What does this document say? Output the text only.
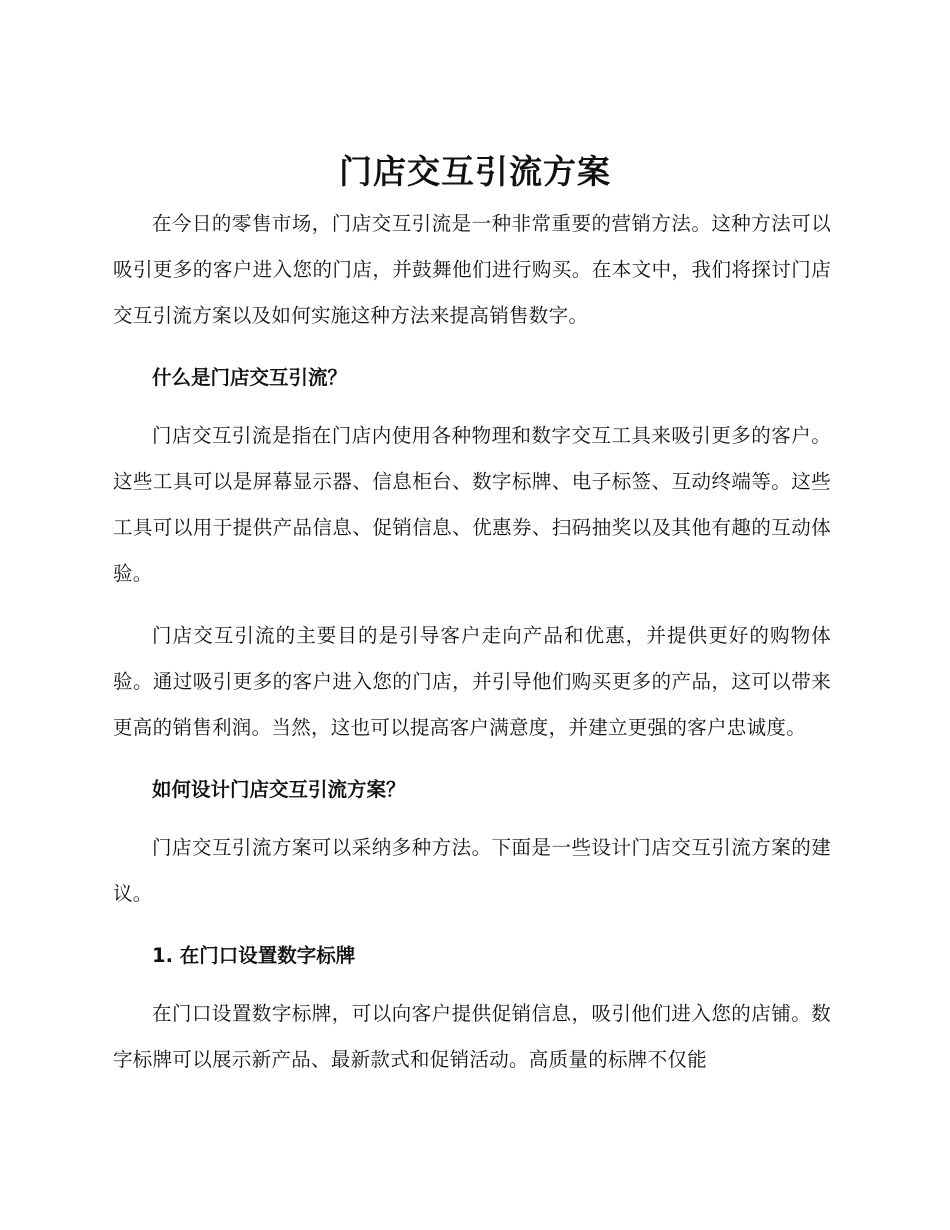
门店交互引流方案

在今日的零售市场，门店交互引流是一种非常重要的营销方法。这种方法可以吸引更多的客户进入您的门店，并鼓舞他们进行购买。在本文中，我们将探讨门店交互引流方案以及如何实施这种方法来提高销售数字。

什么是门店交互引流？

门店交互引流是指在门店内使用各种物理和数字交互工具来吸引更多的客户。这些工具可以是屏幕显示器、信息柜台、数字标牌、电子标签、互动终端等。这些工具可以用于提供产品信息、促销信息、优惠券、扫码抽奖以及其他有趣的互动体验。

门店交互引流的主要目的是引导客户走向产品和优惠，并提供更好的购物体验。通过吸引更多的客户进入您的门店，并引导他们购买更多的产品，这可以带来更高的销售利润。当然，这也可以提高客户满意度，并建立更强的客户忠诚度。

如何设计门店交互引流方案？

门店交互引流方案可以采纳多种方法。下面是一些设计门店交互引流方案的建议。

1. 在门口设置数字标牌

在门口设置数字标牌，可以向客户提供促销信息，吸引他们进入您的店铺。数字标牌可以展示新产品、最新款式和促销活动。高质量的标牌不仅能
